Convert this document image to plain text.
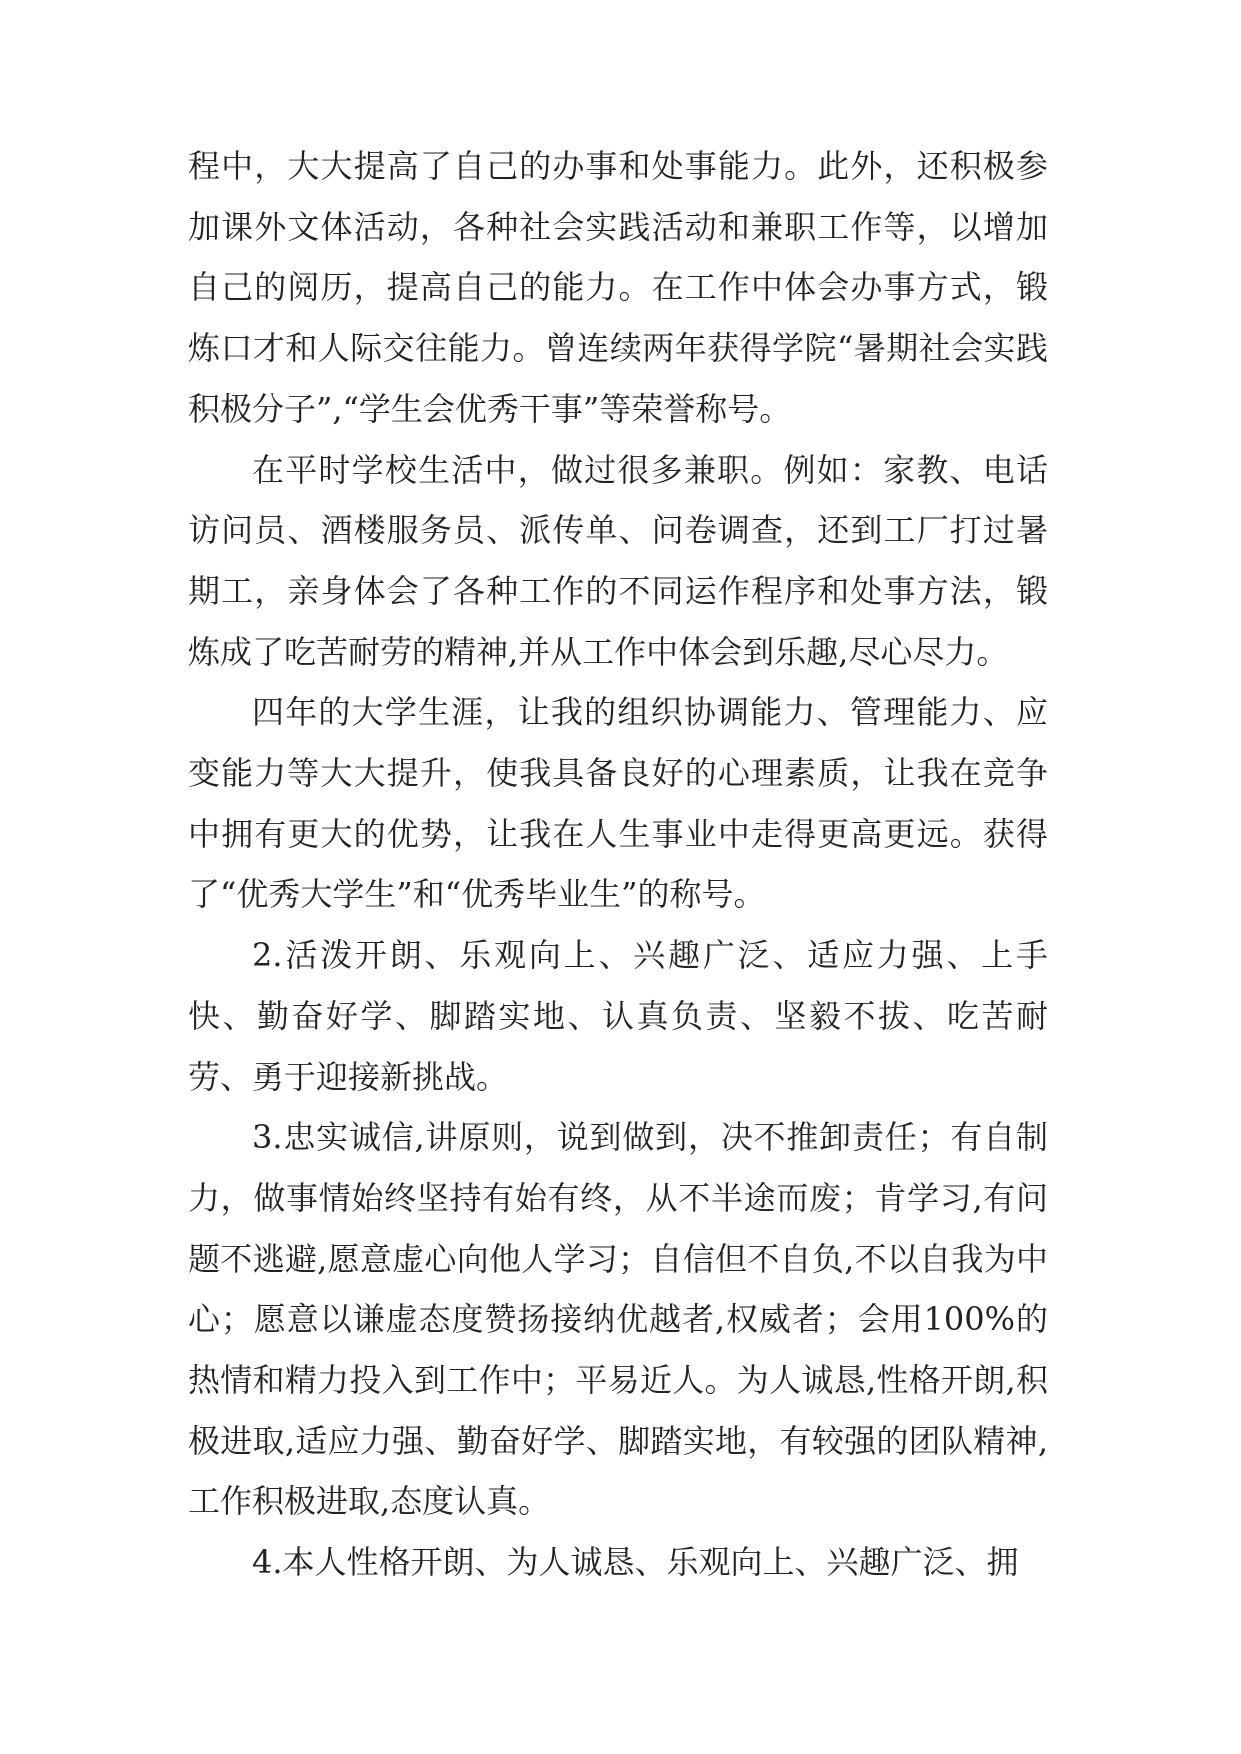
程中，大大提高了自己的办事和处事能力。此外，还积极参加课外文体活动，各种社会实践活动和兼职工作等，以增加自己的阅历，提高自己的能力。在工作中体会办事方式，锻炼口才和人际交往能力。曾连续两年获得学院“暑期社会实践积极分子”,“学生会优秀干事”等荣誉称号。

在平时学校生活中，做过很多兼职。例如：家教、电话访问员、酒楼服务员、派传单、问卷调查，还到工厂打过暑期工，亲身体会了各种工作的不同运作程序和处事方法，锻炼成了吃苦耐劳的精神,并从工作中体会到乐趣,尽心尽力。

四年的大学生涯，让我的组织协调能力、管理能力、应变能力等大大提升，使我具备良好的心理素质，让我在竞争中拥有更大的优势，让我在人生事业中走得更高更远。获得了“优秀大学生”和“优秀毕业生”的称号。

2.活泼开朗、乐观向上、兴趣广泛、适应力强、上手快、勤奋好学、脚踏实地、认真负责、坚毅不拔、吃苦耐劳、勇于迎接新挑战。

3.忠实诚信,讲原则，说到做到，决不推卸责任；有自制力，做事情始终坚持有始有终，从不半途而废；肯学习,有问题不逃避,愿意虚心向他人学习；自信但不自负,不以自我为中心；愿意以谦虚态度赞扬接纳优越者,权威者；会用100%的热情和精力投入到工作中；平易近人。为人诚恳,性格开朗,积极进取,适应力强、勤奋好学、脚踏实地，有较强的团队精神,工作积极进取,态度认真。

4.本人性格开朗、为人诚恳、乐观向上、兴趣广泛、拥
